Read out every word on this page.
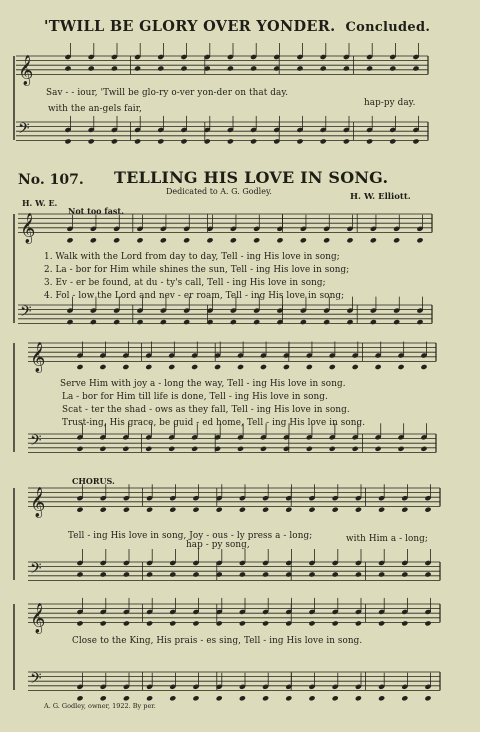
𝄞
𝄢
𝄞
𝄢
𝄞
𝄢
𝄞
𝄢
𝄞
𝄢
'TWILL BE GLORY OVER YONDER. Concluded.
Sav - - iour, 'Twill be glo-ry o-ver yon-der on that day.
with the an-gels fair,
hap-py day.
No. 107. TELLING HIS LOVE IN SONG.
Dedicated to A. G. Godley.
H. W. Elliott.
H. W. E.
Not too fast.
1. Walk with the Lord from day to day, Tell - ing His love in song;
2. La - bor for Him while shines the sun, Tell - ing His love in song;
3. Ev - er be found, at du - ty's call, Tell - ing His love in song;
4. Fol - low the Lord and nev - er roam, Tell - ing His love in song;
Serve Him with joy a - long the way, Tell - ing His love in song.
La - bor for Him till life is done, Tell - ing His love in song.
Scat - ter the shad - ows as they fall, Tell - ing His love in song.
Trust-ing, His grace, be guid - ed home, Tell - ing His love in song.
CHORUS.
Tell - ing His love in song, Joy - ous - ly press a - long;
hap - py song,
with Him a - long;
Close to the King, His prais - es sing, Tell - ing His love in song.
A. G. Godley, owner, 1922. By per.
